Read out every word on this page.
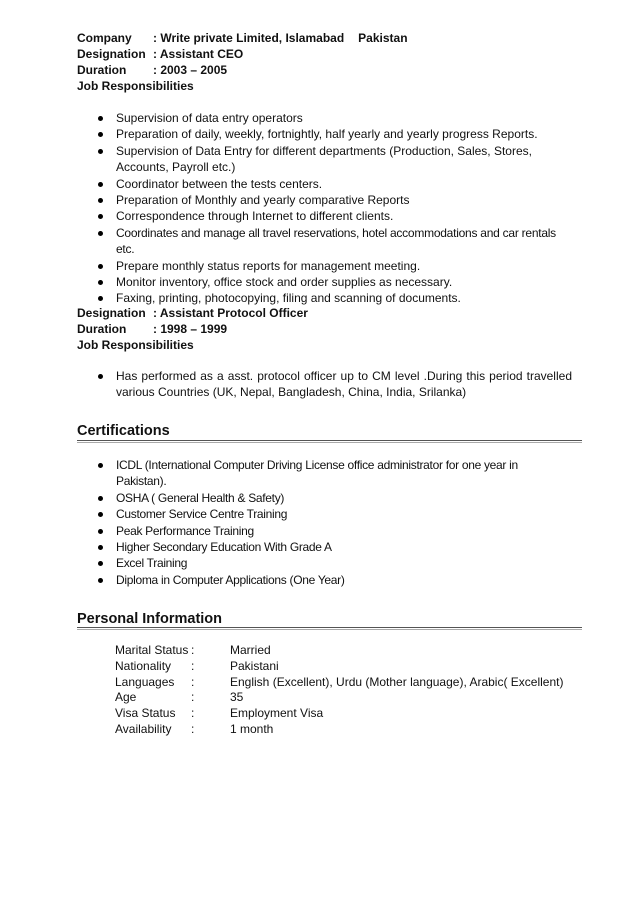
Company : Write private Limited, Islamabad Pakistan
Designation : Assistant CEO
Duration : 2003 – 2005
Job Responsibilities
Supervision of data entry operators
Preparation of daily, weekly, fortnightly, half yearly and yearly progress Reports.
Supervision of Data Entry for different departments (Production, Sales, Stores, Accounts, Payroll etc.)
Coordinator between the tests centers.
Preparation of Monthly and yearly comparative Reports
Correspondence through Internet to different clients.
Coordinates and manage all travel reservations, hotel accommodations and car rentals etc.
Prepare monthly status reports for management meeting.
Monitor inventory, office stock and order supplies as necessary.
Faxing, printing, photocopying, filing and scanning of documents.
Designation : Assistant Protocol Officer
Duration : 1998 – 1999
Job Responsibilities
Has performed as a asst. protocol officer up to CM level .During this period travelled various Countries (UK, Nepal, Bangladesh, China, India, Srilanka)
Certifications
ICDL (International Computer Driving License office administrator for one year in Pakistan).
OSHA ( General Health & Safety)
Customer Service Centre Training
Peak Performance Training
Higher Secondary Education With Grade A
Excel Training
Diploma in Computer Applications (One Year)
Personal Information
Marital Status :	Married
Nationality	:	Pakistani
Languages	:	English (Excellent), Urdu (Mother language), Arabic( Excellent)
Age	:	35
Visa Status	:	Employment Visa
Availability	:	1 month
